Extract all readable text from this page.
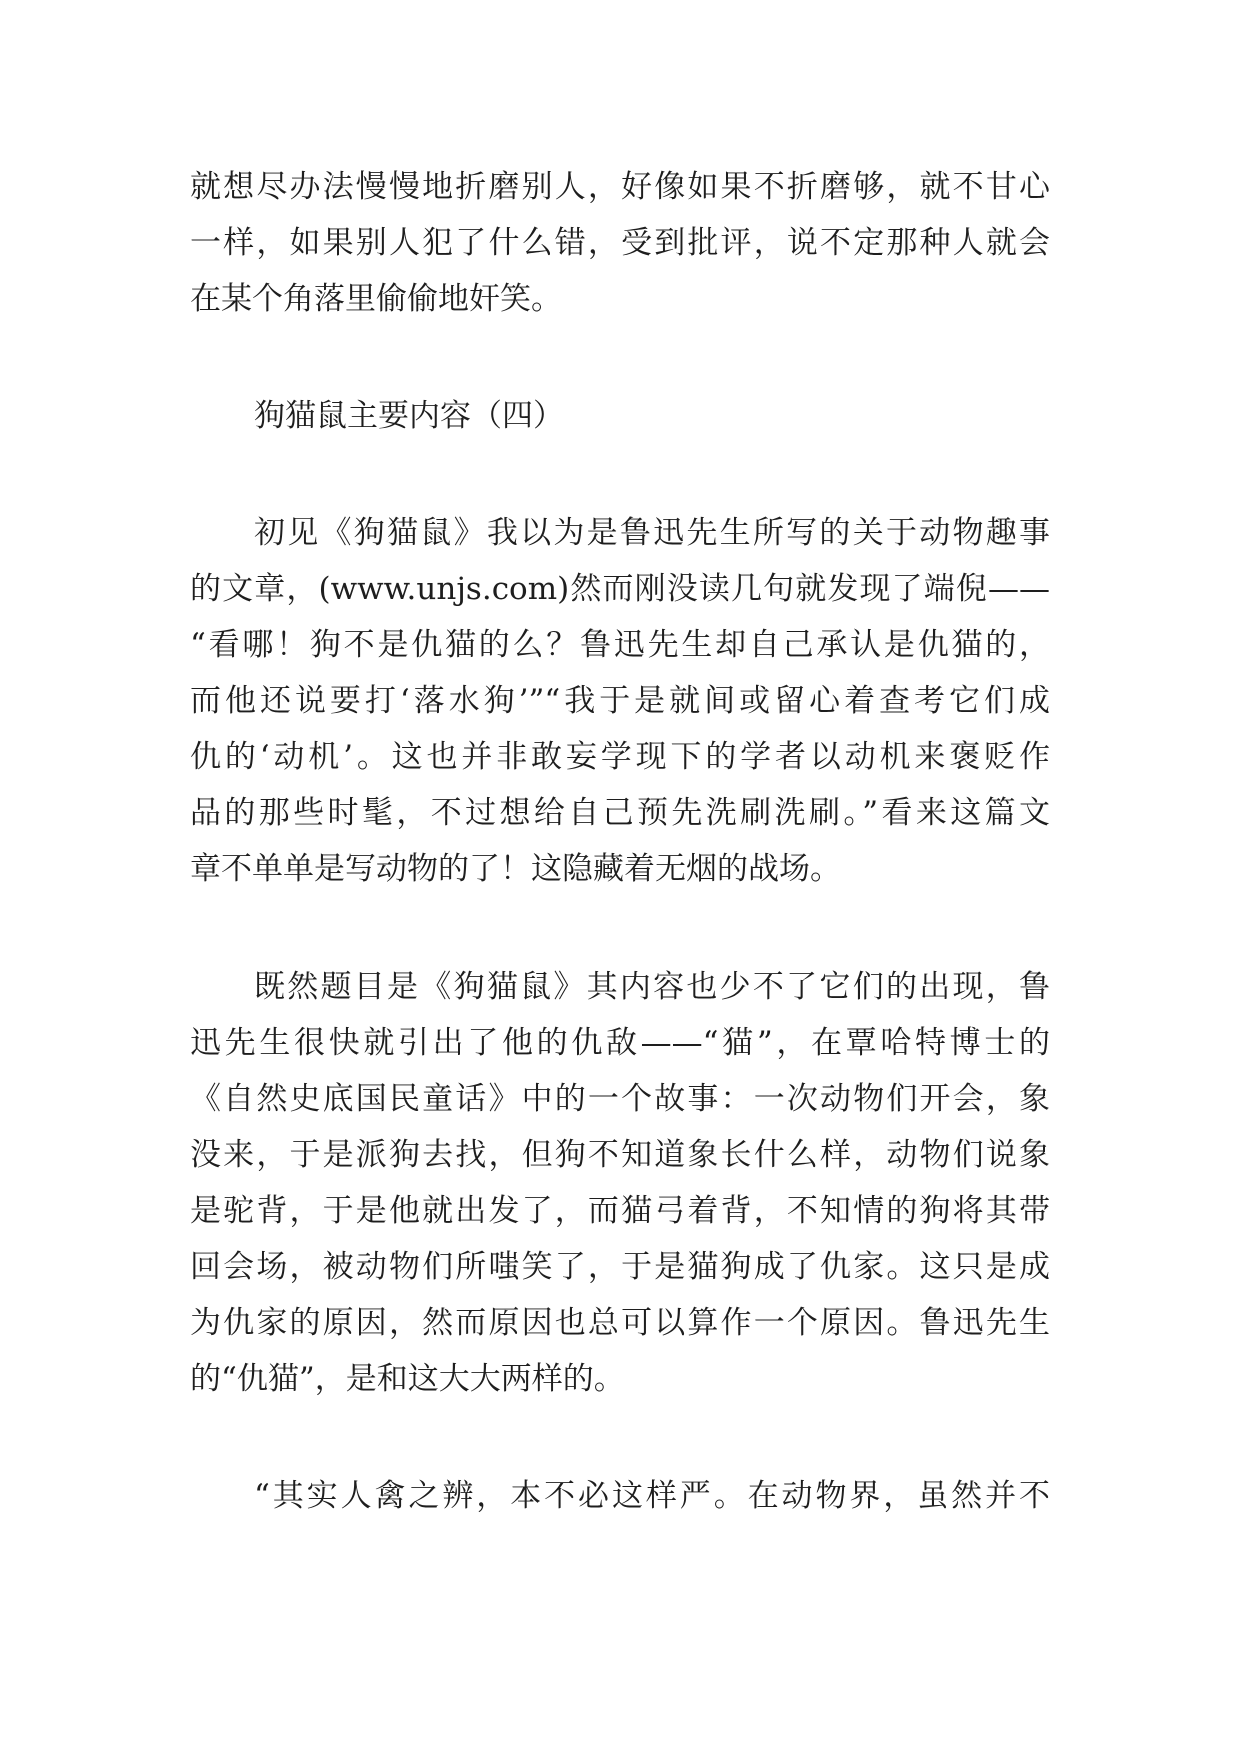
就想尽办法慢慢地折磨别人，好像如果不折磨够，就不甘心
一样，如果别人犯了什么错，受到批评，说不定那种人就会
在某个角落里偷偷地奸笑。
狗猫鼠主要内容（四）
初见《狗猫鼠》我以为是鲁迅先生所写的关于动物趣事
的文章，(www.unjs.com)然而刚没读几句就发现了端倪——
“看哪！狗不是仇猫的么？鲁迅先生却自己承认是仇猫的，
而他还说要打‘落水狗’”“我于是就间或留心着查考它们成
仇的‘动机’。这也并非敢妄学现下的学者以动机来褒贬作
品的那些时髦，不过想给自己预先洗刷洗刷。”看来这篇文
章不单单是写动物的了！这隐藏着无烟的战场。
既然题目是《狗猫鼠》其内容也少不了它们的出现，鲁
迅先生很快就引出了他的仇敌——“猫”，在覃哈特博士的
《自然史底国民童话》中的一个故事：一次动物们开会，象
没来，于是派狗去找，但狗不知道象长什么样，动物们说象
是驼背，于是他就出发了，而猫弓着背，不知情的狗将其带
回会场，被动物们所嗤笑了，于是猫狗成了仇家。这只是成
为仇家的原因，然而原因也总可以算作一个原因。鲁迅先生
的“仇猫”，是和这大大两样的。
“其实人禽之辨，本不必这样严。在动物界，虽然并不
